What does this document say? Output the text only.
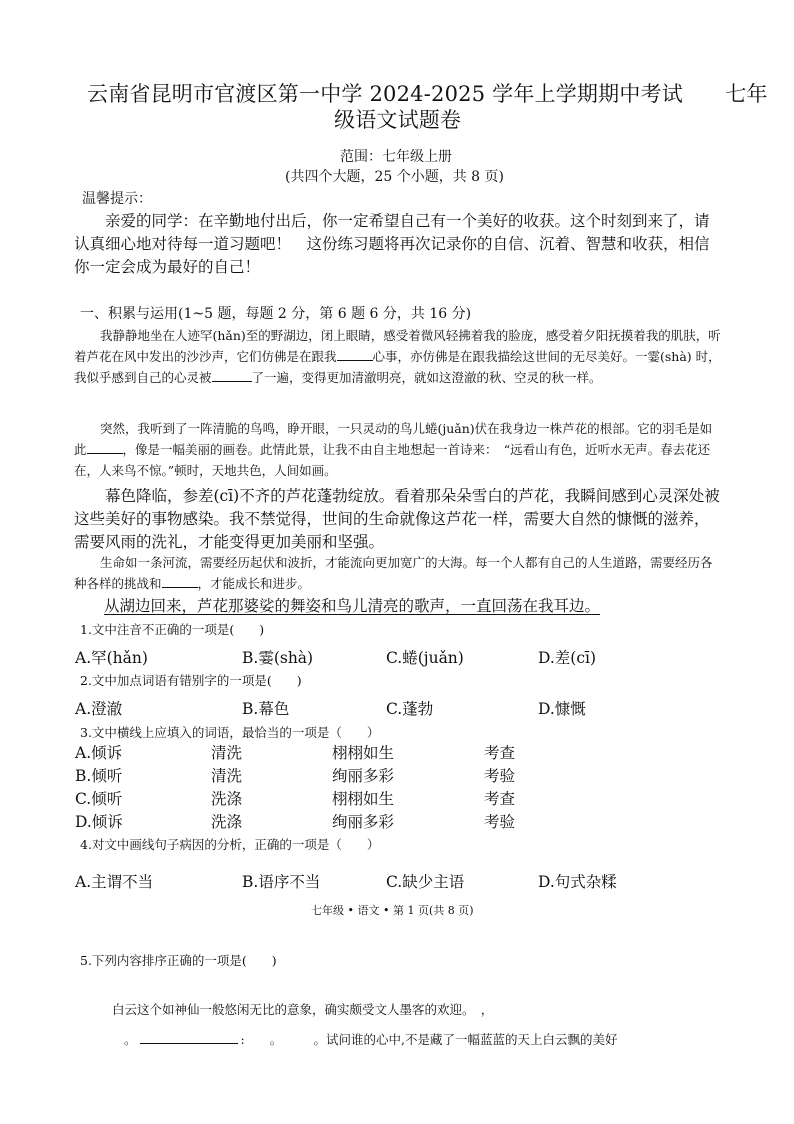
云南省昆明市官渡区第一中学 2024-2025 学年上学期期中考试　　七年
级语文试题卷
范围：七年级上册
(共四个大题，25 个小题，共 8 页)
温馨提示：
亲爱的同学：在辛勤地付出后，你一定希望自己有一个美好的收获。这个时刻到来了，请认真细心地对待每一道习题吧！　这份练习题将再次记录你的自信、沉着、智慧和收获，相信你一定会成为最好的自己！
一、积累与运用(1~5 题，每题 2 分，第 6 题 6 分，共 16 分)
我静静地坐在人迹罕(hǎn)至的野湖边，闭上眼睛，感受着微风轻拂着我的脸庞，感受着夕阳抚摸着我的肌肤，听着芦花在风中发出的沙沙声，它们仿佛是在跟我	心事，亦仿佛是在跟我描绘这世间的无尽美好。一霎(shà) 时，我似乎感到自己的心灵被	了一遍，变得更加清澈明亮，就如这澄澈的秋、空灵的秋一样。
突然，我听到了一阵清脆的鸟鸣，睁开眼，一只灵动的鸟儿蜷(juǎn)伏在我身边一株芦花的根部。它的羽毛是如此	，像是一幅美丽的画卷。此情此景，让我不由自主地想起一首诗来：　“远看山有色，近听水无声。春去花还在，人来鸟不惊。”顿时，天地共色，人间如画。
幕色降临，参差(cī)不齐的芦花蓬勃绽放。看着那朵朵雪白的芦花，我瞬间感到心灵深处被这些美好的事物感染。我不禁觉得，世间的生命就像这芦花一样，需要大自然的慷慨的滋养，需要风雨的洗礼，才能变得更加美丽和坚强。
生命如一条河流，需要经历起伏和波折，才能流向更加宽广的大海。每一个人都有自己的人生道路，需要经历各种各样的挑战和	，才能成长和进步。
从湖边回来，芦花那婆娑的舞姿和鸟儿清亮的歌声，一直回荡在我耳边。
1.文中注音不正确的一项是(　　)
A.罕(hǎn)	B.霎(shà)	C.蜷(juǎn)	D.差(cī)
2.文中加点词语有错别字的一项是(　　)
A.澄澈	B.幕色	C.蓬勃	D.慷慨
3.文中横线上应填入的词语，最恰当的一项是（　　）
A.倾诉	清洗	栩栩如生	考查
B.倾听	清洗	绚丽多彩	考验
C.倾听	洗涤	栩栩如生	考查
D.倾诉	洗涤	绚丽多彩	考验
4.对文中画线句子病因的分析，正确的一项是（　　）
A.主谓不当	B.语序不当	C.缺少主语	D.句式杂糅
七年级 • 语文 • 第 1 页(共 8 页)
5.下列内容排序正确的一项是(　　)
白云这个如神仙一般悠闲无比的意象，确实颇受文人墨客的欢迎。　，
。	:　　。　　　。试问谁的心中,不是藏了一幅蓝蓝的天上白云飘的美好
